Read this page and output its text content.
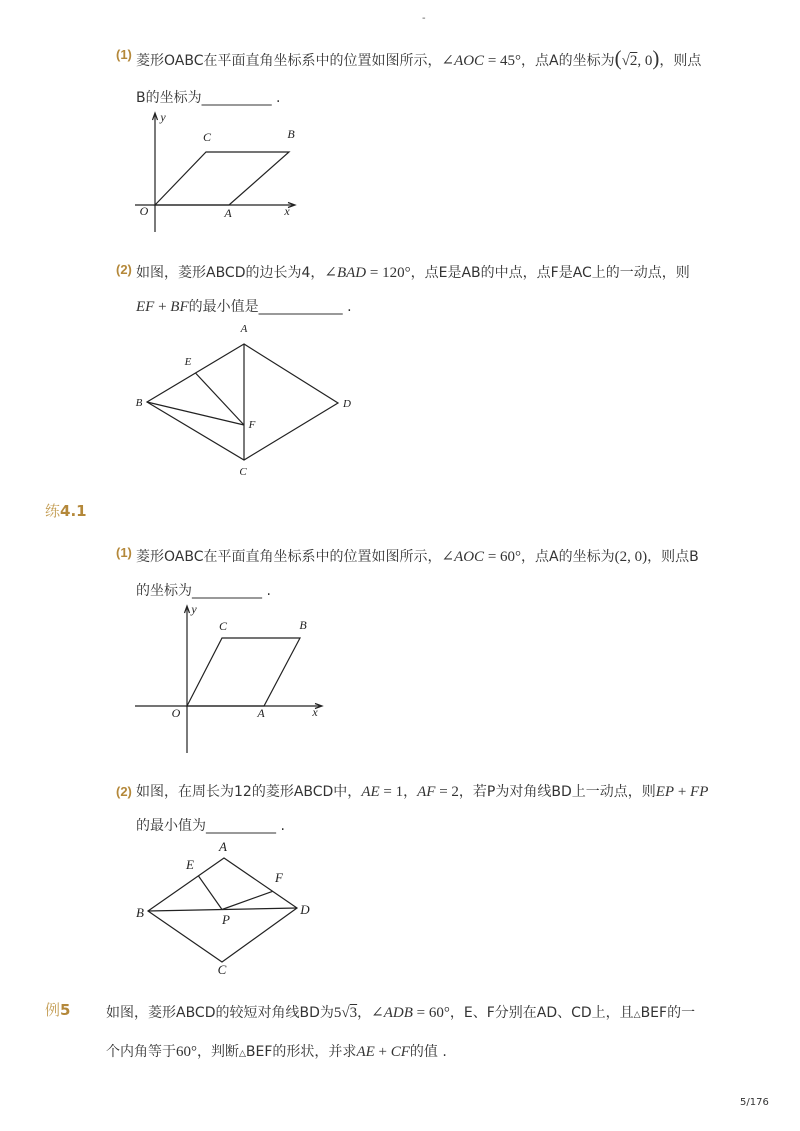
-
(1) 菱形OABC在平面直角坐标系中的位置如图所示， ∠ AOC = 45° ，点A的坐标为 ( √ 2 , 0 ) ，则点
B的坐标为 __________ .
y
C	B
O	A	x
(2) 如图，菱形ABCD的边长为4， ∠ BAD = 120° ，点E是AB的中点，点F是AC上的一动点，则
EF + BF 的最小值是 ____________ .
A
E
B	D
F
C
练 4.1
(1) 菱形OABC在平面直角坐标系中的位置如图所示， ∠ AOC = 60° ，点A的坐标为 (2, 0) ，则点B
的坐标为 __________ .
y
C	B
O	A	x
(2) 如图，在周长为12的菱形ABCD中， AE = 1 ， AF = 2 ，若P为对角线BD上一动点，则 EP + FP
的最小值为 __________ .
A
E
F
B	D
P
C
例 5	如图，菱形ABCD的较短对角线BD为 5 √ 3 ， ∠ ADB = 60° ，E、F分别在AD、CD上，且 △ BEF的一
个内角等于 60° ，判断 △ BEF的形状，并求 AE + CF 的值 .
5/176
